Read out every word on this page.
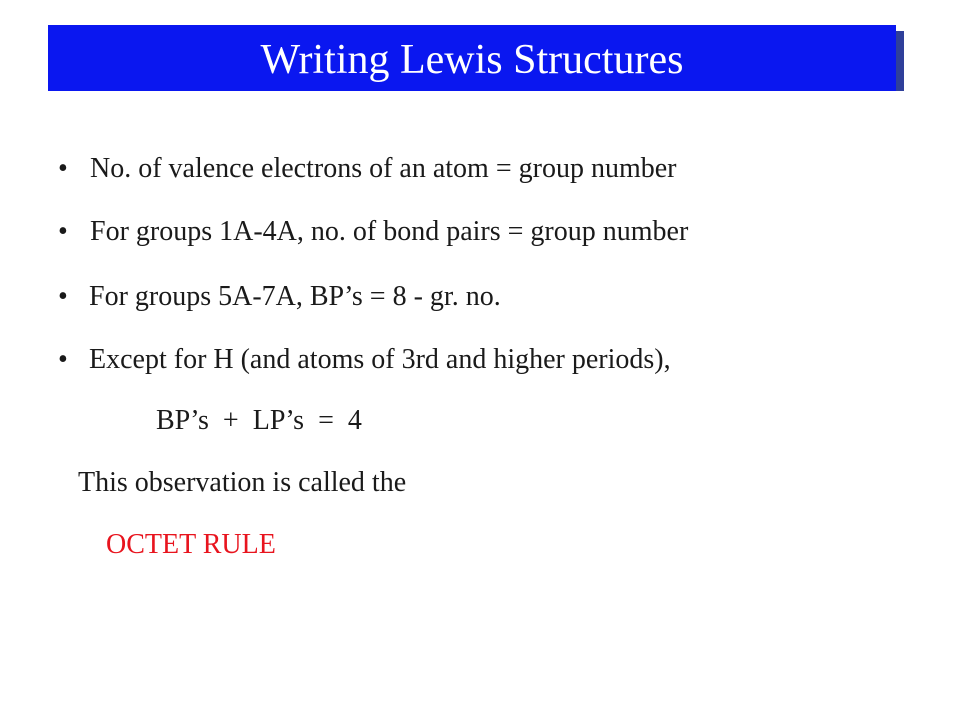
Writing Lewis Structures
• No. of valence electrons of an atom = group number
• For groups 1A-4A, no. of bond pairs = group number
• For groups 5A-7A, BP’s = 8 - gr. no.
• Except for H (and atoms of 3rd and higher periods),
BP’s  +  LP’s  =  4
This observation is called the
OCTET RULE
